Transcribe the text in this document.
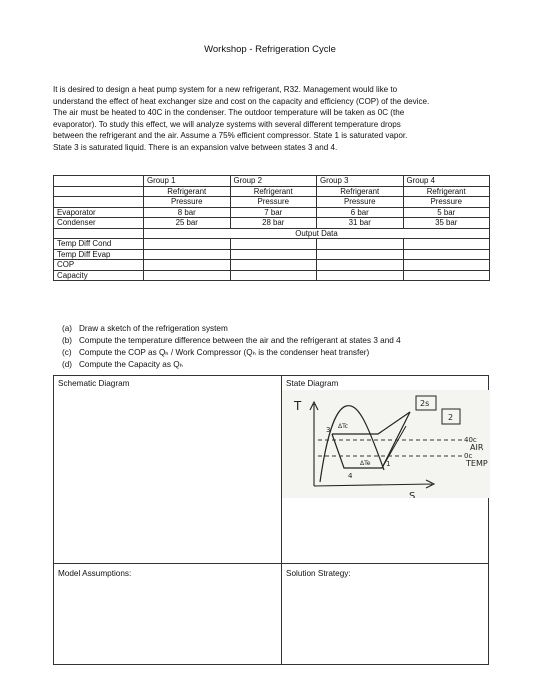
Workshop - Refrigeration Cycle
It is desired to design a heat pump system for a new refrigerant, R32. Management would like to
understand the effect of heat exchanger size and cost on the capacity and efficiency (COP) of the device.
The air must be heated to 40C in the condenser. The outdoor temperature will be taken as 0C (the
evaporator). To study this effect, we will analyze systems with several different temperature drops
between the refrigerant and the air. Assume a 75% efficient compressor. State 1 is saturated vapor.
State 3 is saturated liquid. There is an expansion valve between states 3 and 4.
	Group 1	Group 2	Group 3	Group 4
	Refrigerant	Refrigerant	Refrigerant	Refrigerant
	Pressure	Pressure	Pressure	Pressure
Evaporator	8 bar	7 bar	6 bar	5 bar
Condenser	25 bar	28 bar	31 bar	35 bar
	Output Data			
Temp Diff Cond				
Temp Diff Evap				
COP				
Capacity				
(a) Draw a sketch of the refrigeration system
(b) Compute the temperature difference between the air and the refrigerant at states 3 and 4
(c) Compute the COP as Qₕ / Work Compressor (Qₕ is the condenser heat transfer)
(d) Compute the Capacity as Qₕ
Schematic Diagram	State Diagram
Model Assumptions:	Solution Strategy:
T
S
2s
2
1
3
4
ΔTc
ΔTe
40c
0c
AIR
TEMP
